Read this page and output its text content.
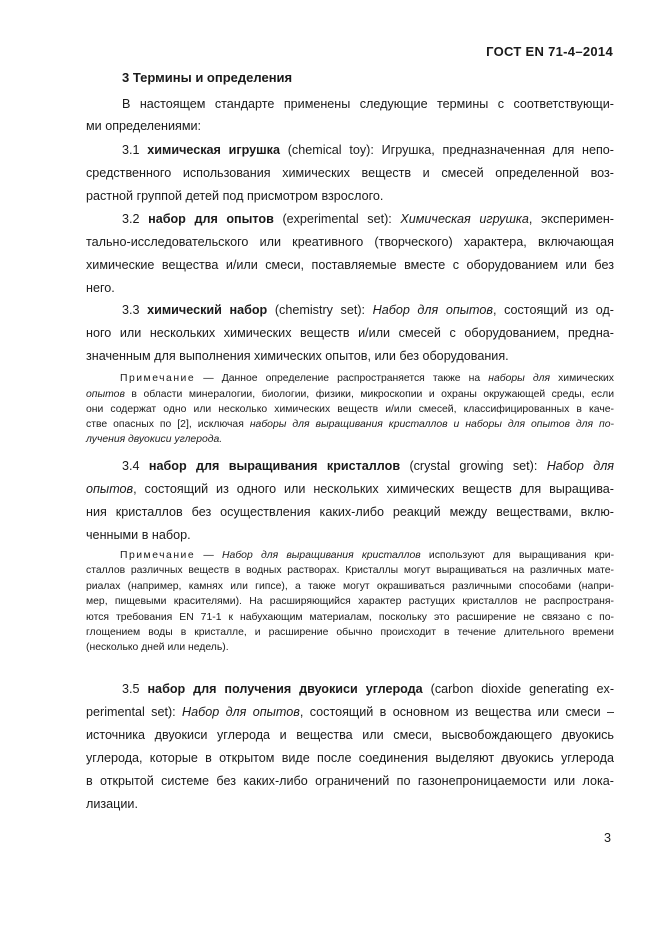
ГОСТ EN 71-4–2014
3 Термины и определения
В настоящем стандарте применены следующие термины с соответствующи-
ми определениями:
3.1 химическая игрушка (chemical toy): Игрушка, предназначенная для непо-
средственного использования химических веществ и смесей определенной воз-
растной группой детей под присмотром взрослого.
3.2 набор для опытов (experimental set): Химическая игрушка, эксперимен-
тально-исследовательского или креативного (творческого) характера, включающая
химические вещества и/или смеси, поставляемые вместе с оборудованием или без
него.
3.3 химический набор (chemistry set): Набор для опытов, состоящий из од-
ного или нескольких химических веществ и/или смесей с оборудованием, предна-
значенным для выполнения химических опытов, или без оборудования.
Примечание — Данное определение распространяется также на наборы для химических
опытов в области минералогии, биологии, физики, микроскопии и охраны окружающей среды, если
они содержат одно или несколько химических веществ и/или смесей, классифицированных в каче-
стве опасных по [2], исключая наборы для выращивания кристаллов и наборы для опытов для по-
лучения двуокиси углерода.
3.4 набор для выращивания кристаллов (crystal growing set): Набор для
опытов, состоящий из одного или нескольких химических веществ для выращива-
ния кристаллов без осуществления каких-либо реакций между веществами, вклю-
ченными в набор.
Примечание — Набор для выращивания кристаллов используют для выращивания кри-
сталлов различных веществ в водных растворах. Кристаллы могут выращиваться на различных мате-
риалах (например, камнях или гипсе), а также могут окрашиваться различными способами (напри-
мер, пищевыми красителями). На расширяющийся характер растущих кристаллов не распространя-
ются требования EN 71-1 к набухающим материалам, поскольку это расширение не связано с по-
глощением воды в кристалле, и расширение обычно происходит в течение длительного времени
(несколько дней или недель).
3.5 набор для получения двуокиси углерода (carbon dioxide generating ex-
perimental set): Набор для опытов, состоящий в основном из вещества или смеси –
источника двуокиси углерода и вещества или смеси, высвобождающего двуокись
углерода, которые в открытом виде после соединения выделяют двуокись углерода
в открытой системе без каких-либо ограничений по газонепроницаемости или лока-
лизации.
3
